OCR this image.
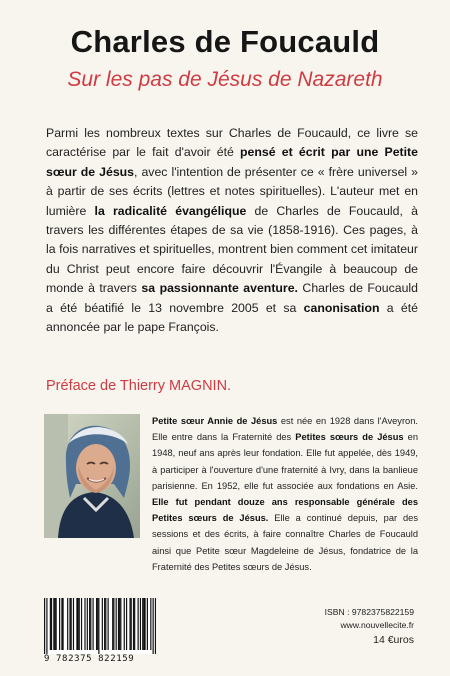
Charles de Foucauld
Sur les pas de Jésus de Nazareth
Parmi les nombreux textes sur Charles de Foucauld, ce livre se caractérise par le fait d'avoir été pensé et écrit par une Petite sœur de Jésus, avec l'intention de présenter ce « frère universel » à partir de ses écrits (lettres et notes spirituelles). L'auteur met en lumière la radicalité évangélique de Charles de Foucauld, à travers les différentes étapes de sa vie (1858-1916). Ces pages, à la fois narratives et spirituelles, montrent bien comment cet imitateur du Christ peut encore faire découvrir l'Évangile à beaucoup de monde à travers sa passionnante aventure. Charles de Foucauld a été béatifié le 13 novembre 2005 et sa canonisation a été annoncée par le pape François.
Préface de Thierry MAGNIN.
Petite sœur Annie de Jésus est née en 1928 dans l'Aveyron. Elle entre dans la Fraternité des Petites sœurs de Jésus en 1948, neuf ans après leur fondation. Elle fut appelée, dès 1949, à participer à l'ouverture d'une fraternité à Ivry, dans la banlieue parisienne. En 1952, elle fut associée aux fondations en Asie. Elle fut pendant douze ans responsable générale des Petites sœurs de Jésus. Elle a continué depuis, par des sessions et des écrits, à faire connaître Charles de Foucauld ainsi que Petite sœur Magdeleine de Jésus, fondatrice de la Fraternité des Petites sœurs de Jésus.
9 782375 822159
ISBN : 9782375822159
www.nouvellecite.fr
14 €uros
